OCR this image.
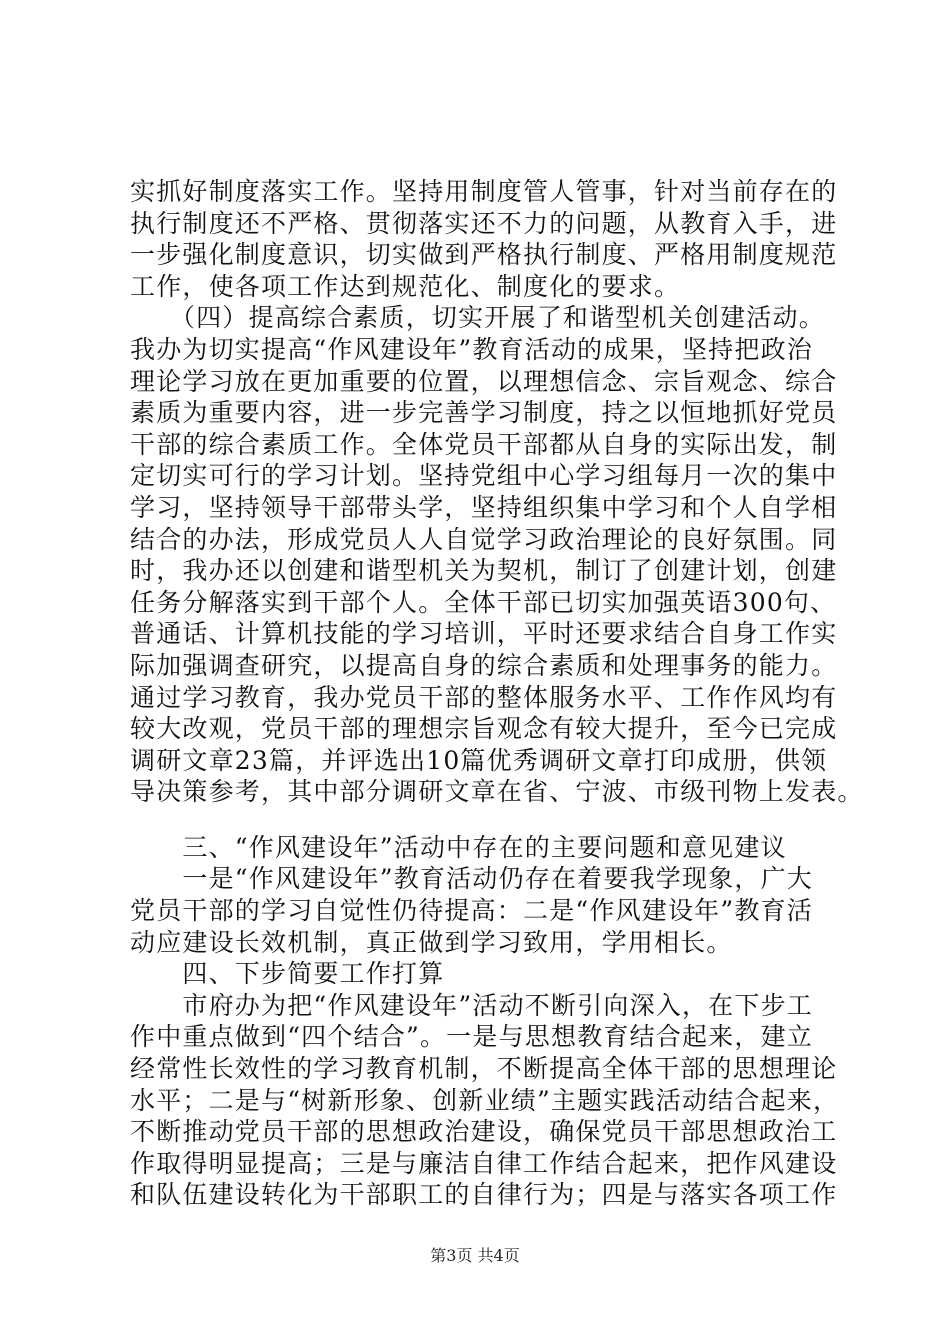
实抓好制度落实工作。坚持用制度管人管事，针对当前存在的
执行制度还不严格、贯彻落实还不力的问题，从教育入手，进
一步强化制度意识，切实做到严格执行制度、严格用制度规范
工作，使各项工作达到规范化、制度化的要求。
　　（四）提高综合素质，切实开展了和谐型机关创建活动。
我办为切实提高“作风建设年”教育活动的成果，坚持把政治
理论学习放在更加重要的位置，以理想信念、宗旨观念、综合
素质为重要内容，进一步完善学习制度，持之以恒地抓好党员
干部的综合素质工作。全体党员干部都从自身的实际出发，制
定切实可行的学习计划。坚持党组中心学习组每月一次的集中
学习，坚持领导干部带头学，坚持组织集中学习和个人自学相
结合的办法，形成党员人人自觉学习政治理论的良好氛围。同
时，我办还以创建和谐型机关为契机，制订了创建计划，创建
任务分解落实到干部个人。全体干部已切实加强英语300句、
普通话、计算机技能的学习培训，平时还要求结合自身工作实
际加强调查研究，以提高自身的综合素质和处理事务的能力。
通过学习教育，我办党员干部的整体服务水平、工作作风均有
较大改观，党员干部的理想宗旨观念有较大提升，至今已完成
调研文章23篇，并评选出10篇优秀调研文章打印成册，供领
导决策参考，其中部分调研文章在省、宁波、市级刊物上发表。
　　三、“作风建设年”活动中存在的主要问题和意见建议
　　一是“作风建设年”教育活动仍存在着要我学现象，广大
党员干部的学习自觉性仍待提高：二是“作风建设年”教育活
动应建设长效机制，真正做到学习致用，学用相长。
　　四、下步简要工作打算
　　市府办为把“作风建设年”活动不断引向深入，在下步工
作中重点做到“四个结合”。一是与思想教育结合起来，建立
经常性长效性的学习教育机制，不断提高全体干部的思想理论
水平；二是与“树新形象、创新业绩”主题实践活动结合起来，
不断推动党员干部的思想政治建设，确保党员干部思想政治工
作取得明显提高；三是与廉洁自律工作结合起来，把作风建设
和队伍建设转化为干部职工的自律行为；四是与落实各项工作
第3页 共4页
